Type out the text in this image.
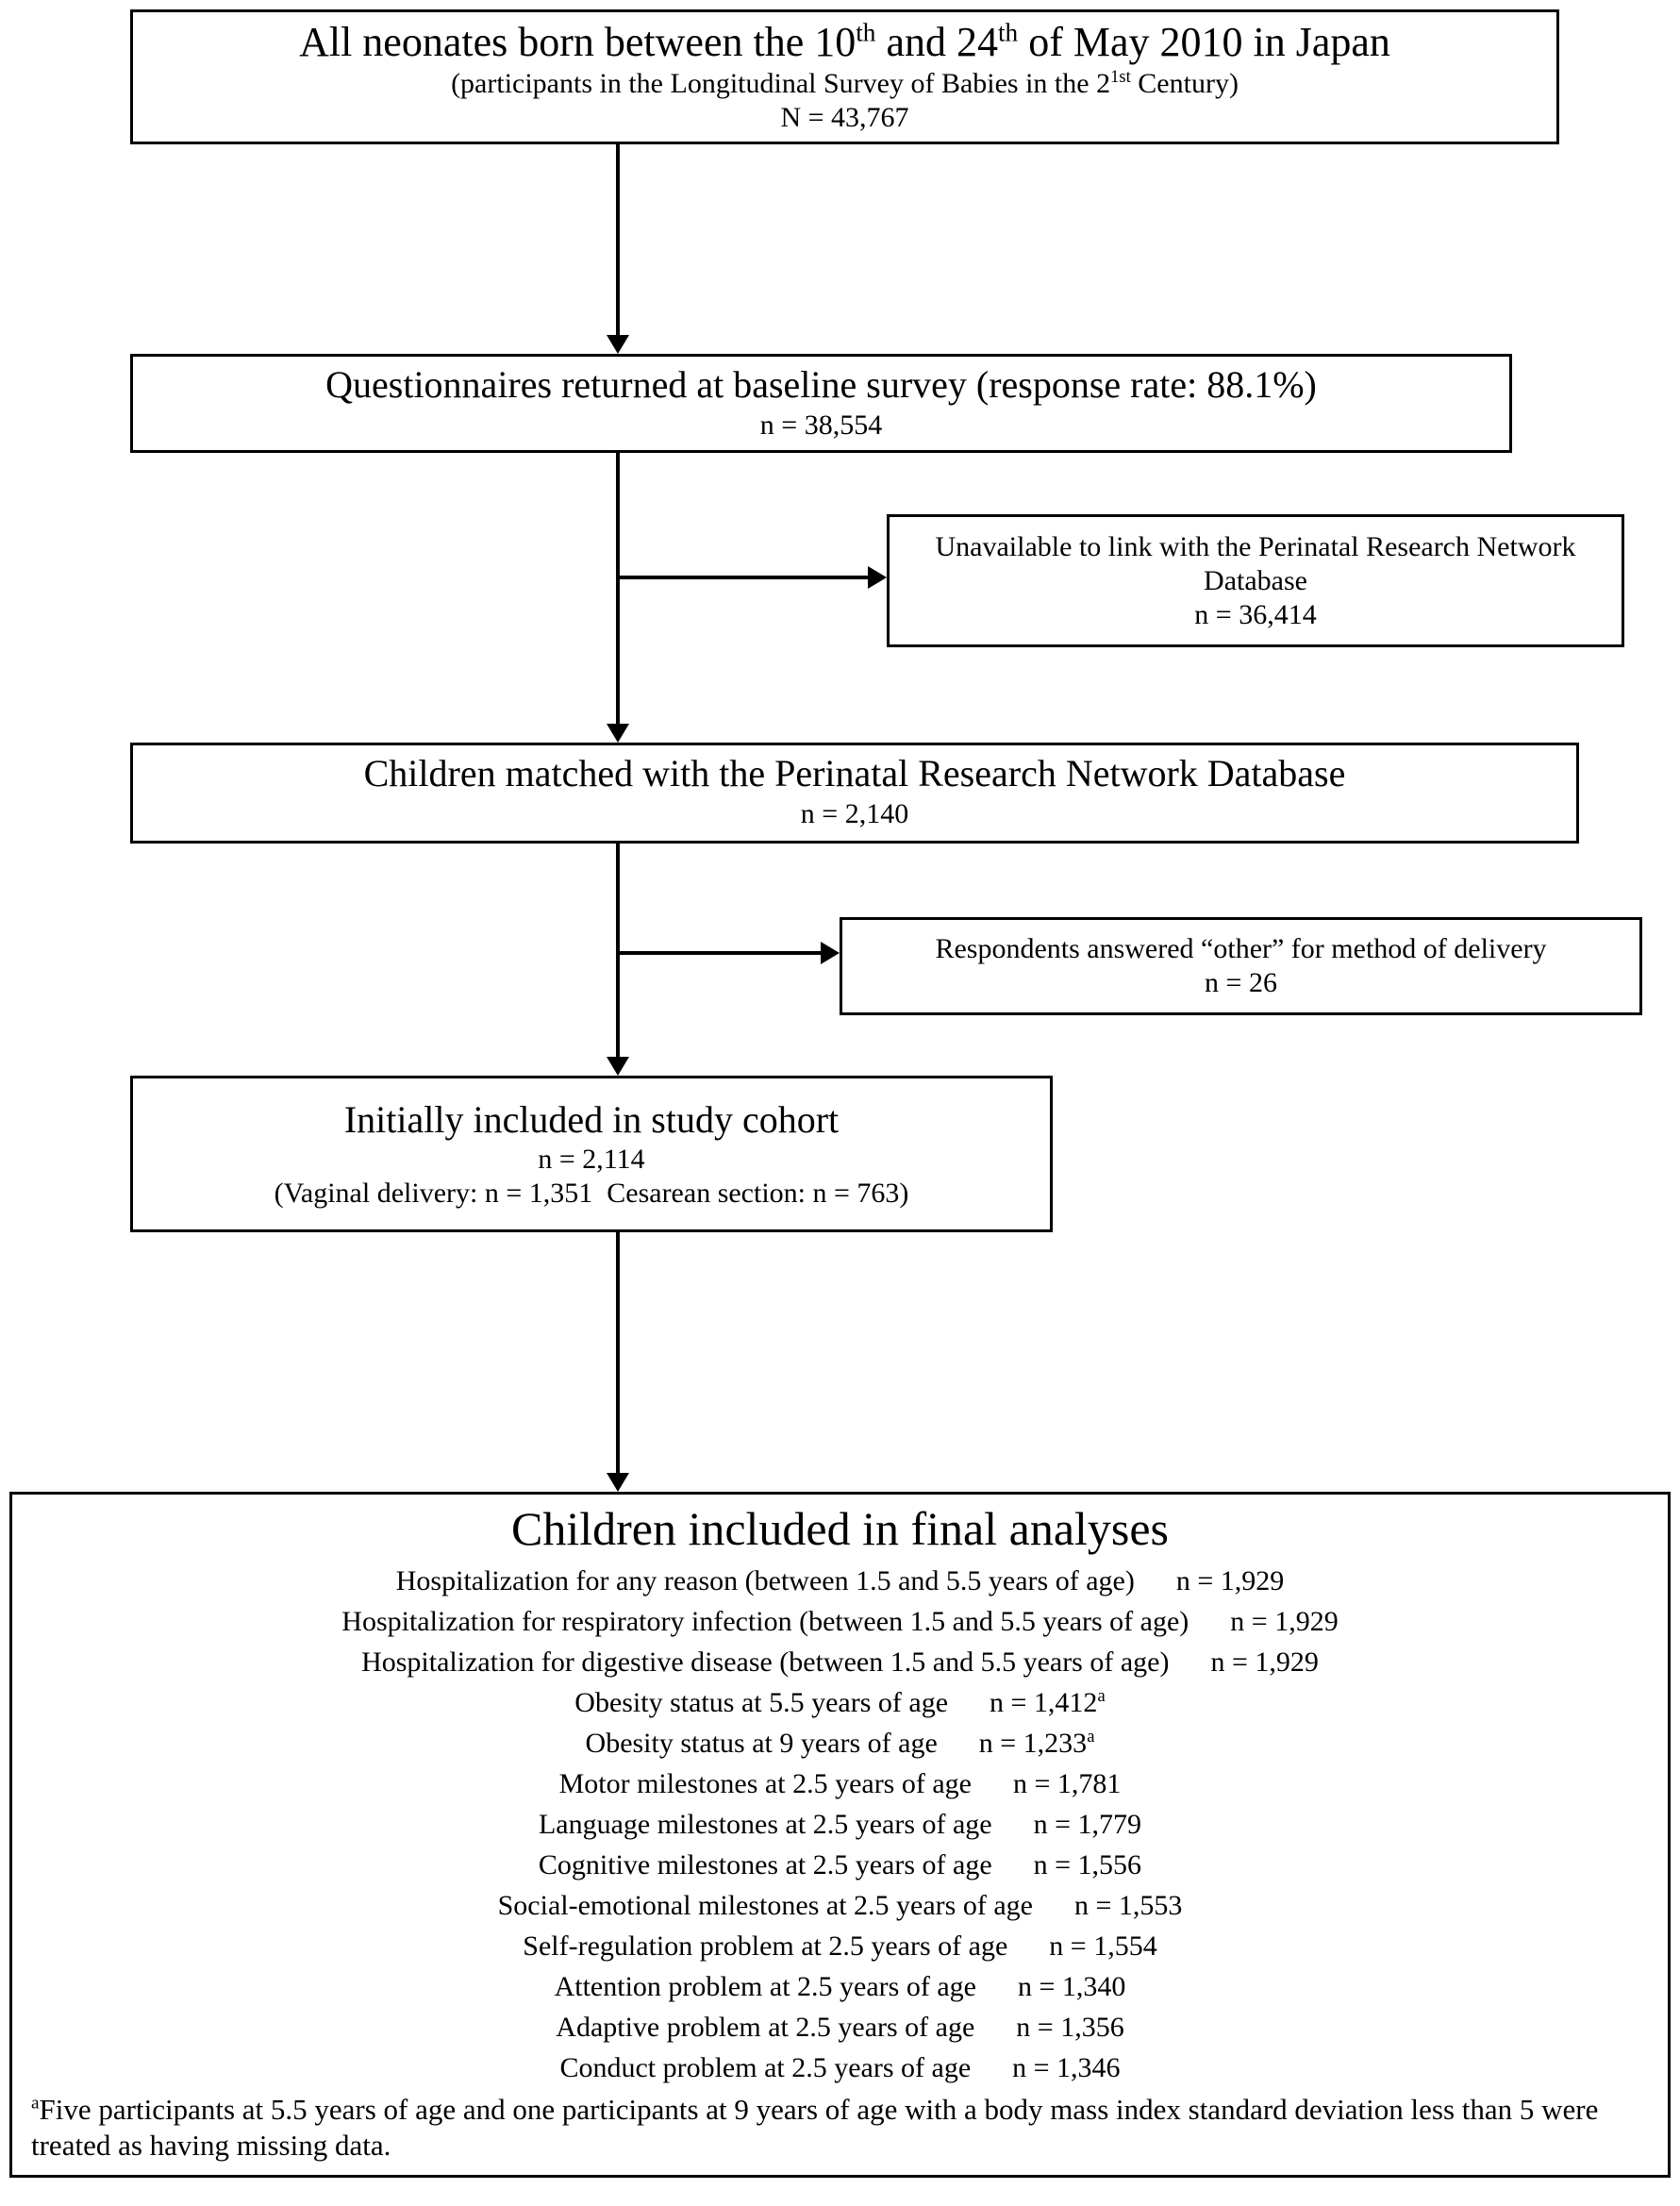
All neonates born between the 10th and 24th of May 2010 in Japan
(participants in the Longitudinal Survey of Babies in the $2^{1st}$ Century)
N = 43,767
Questionnaires returned at baseline survey (response rate: 88.1%)
n = 38,554
Unavailable to link with the Perinatal Research Network Database
n = 36,414
Children matched with the Perinatal Research Network Database
n = 2,140
Respondents answered “other” for method of delivery
n = 26
Initially included in study cohort
n = 2,114
(Vaginal delivery: n = 1,351  Cesarean section: n = 763)
Children included in final analyses
Hospitalization for any reason (between 1.5 and 5.5 years of age) n = 1,929
Hospitalization for respiratory infection (between 1.5 and 5.5 years of age) n = 1,929
Hospitalization for digestive disease (between 1.5 and 5.5 years of age) n = 1,929
Obesity status at 5.5 years of age n = 1,412$^a$
Obesity status at 9 years of age n = 1,233$^a$
Motor milestones at 2.5 years of age n = 1,781
Language milestones at 2.5 years of age n = 1,779
Cognitive milestones at 2.5 years of age n = 1,556
Social-emotional milestones at 2.5 years of age n = 1,553
Self-regulation problem at 2.5 years of age n = 1,554
Attention problem at 2.5 years of age n = 1,340
Adaptive problem at 2.5 years of age n = 1,356
Conduct problem at 2.5 years of age n = 1,346
$^a$Five participants at 5.5 years of age and one participants at 9 years of age with a body mass index standard deviation less than 5 were treated as having missing data.
